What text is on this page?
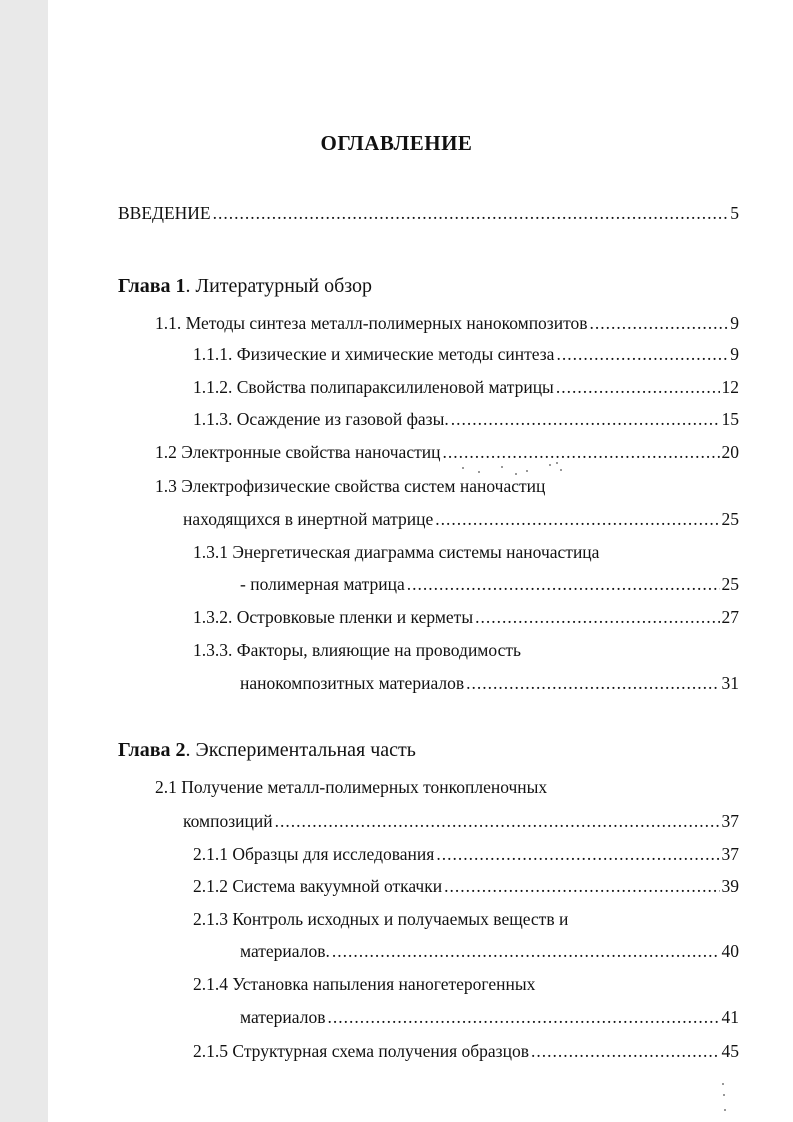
ОГЛАВЛЕНИЕ
ВВЕДЕНИЕ .....	5
Глава 1. Литературный обзор
1.1. Методы синтеза металл-полимерных нанокомпозитов .....	9
1.1.1. Физические и химические методы синтеза .....	9
1.1.2. Свойства полипараксилиленовой матрицы .....	12
1.1.3. Осаждение из газовой фазы. .....	15
1.2 Электронные свойства наночастиц .....	20
1.3 Электрофизические свойства систем наночастиц
находящихся в инертной матрице .....	25
1.3.1 Энергетическая диаграмма системы наночастица
- полимерная матрица .....	25
1.3.2. Островковые пленки и керметы .....	27
1.3.3. Факторы, влияющие на проводимость
нанокомпозитных материалов .....	31
Глава 2. Экспериментальная часть
2.1 Получение металл-полимерных тонкопленочных
композиций .....	37
2.1.1 Образцы для исследования .....	37
2.1.2 Система вакуумной откачки .....	39
2.1.3 Контроль исходных и получаемых веществ и
материалов. .....	40
2.1.4 Установка напыления наногетерогенных
материалов .....	41
2.1.5 Структурная схема получения образцов .....	45
